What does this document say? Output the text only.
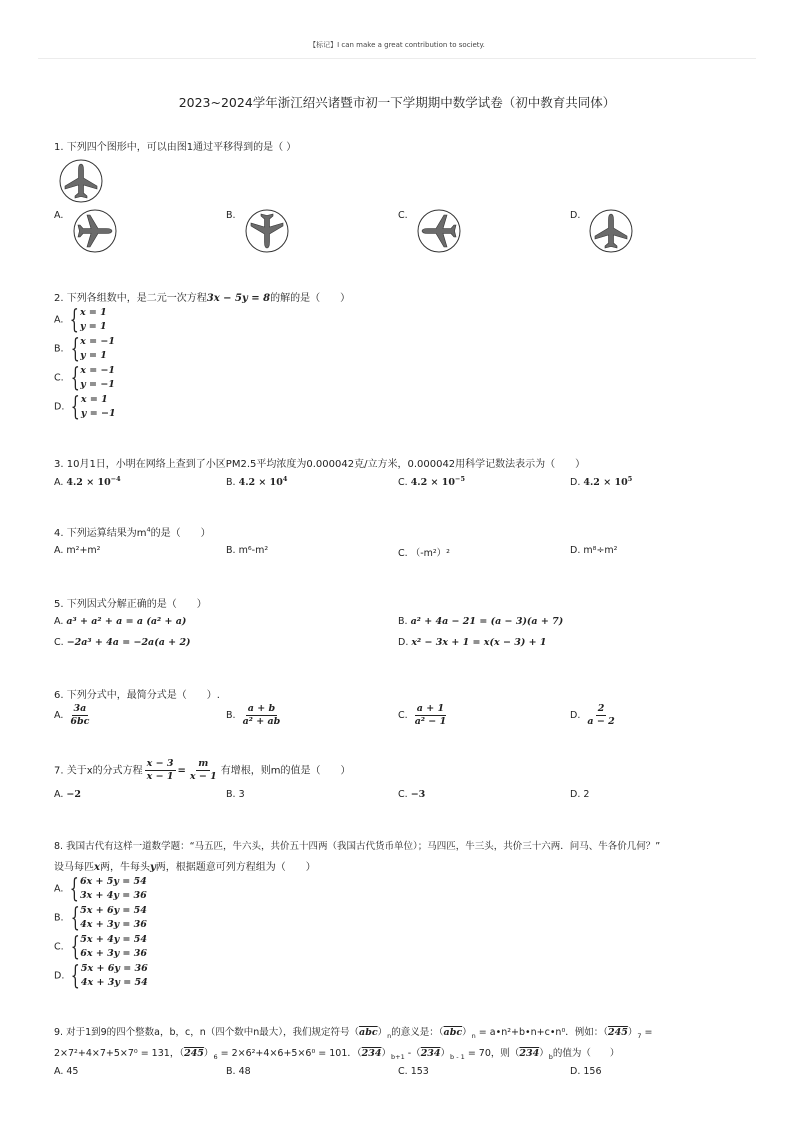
【标记】I can make a great contribution to society.
2023~2024学年浙江绍兴诸暨市初一下学期期中数学试卷（初中教育共同体）
1. 下列四个图形中，可以由图1通过平移得到的是（ ）
A.	B.	C.	D.
2. 下列各组数中，是二元一次方程3x − 5y = 8的解的是（　　）
A. { x = 1
y = 1
B. { x = −1
y = 1
C. { x = −1
y = −1
D. { x = 1
y = −1
3. 10月1日，小明在网络上查到了小区PM2.5平均浓度为0.000042克/立方米，0.000042用科学记数法表示为（　　）
A. $4.2 \times 10^{-4}$	B. $4.2 \times 10^4$	C. $4.2 \times 10^{-5}$	D. $4.2 \times 10^5$
4. 下列运算结果为$m^4$的是（　　）
A. m²+m²	B. m⁶-m²	C. （-m²）²	D. m⁸÷m²
5. 下列因式分解正确的是（　　）
A. a³ + a² + a = a (a² + a)	B. a² + 4a − 21 = (a − 3)(a + 7)
C. −2a³ + 4a = −2a(a + 2)	D. x² − 3x + 1 = x(x − 3) + 1
6. 下列分式中，最简分式是（　　）.
A. $\frac{3a}{6bc}$	B. $\frac{a + b}{\text{a² + ab}}$	C. $\frac{a + 1}{\text{a² − 1}}$	D. $\frac{2}{a - 2}$
7. 关于x的分式方程 $\frac{x - 3}{x - 1} = \frac{m}{x - 1}$ 有增根，则m的值是（　　）
A. −2	B. 3	C. −3	D. 2
8. 我国古代有这样一道数学题：“马五匹，牛六头，共价五十四两（我国古代货币单位）；马四匹，牛三头，共价三十六两．问马、牛各价几何？”
设马每匹x两，牛每头y两，根据题意可列方程组为（　　）
A. { 6x + 5y = 54
3x + 4y = 36
B. { 5x + 6y = 54
4x + 3y = 36
C. { 5x + 4y = 54
6x + 3y = 36
D. { 5x + 6y = 36
4x + 3y = 54
9. 对于1到9的四个整数a，b，c，n（四个数中n最大），我们规定符号$(\overline{abc})_n$的意义是：$(\overline{abc})_n$ = a•n²+b•n+c•n⁰．例如：$(245)_7$ =
2×7²+4×7+5×7⁰ = 131，$(245)_6 = 2\times 6^2+4\times 6+5\times 6^0 = 101$．$(234)_{b+1}$ $-(234)_{b - 1} = 70$，则$(234)_b$的值为（　　）
A. 45	B. 48	C. 153	D. 156
